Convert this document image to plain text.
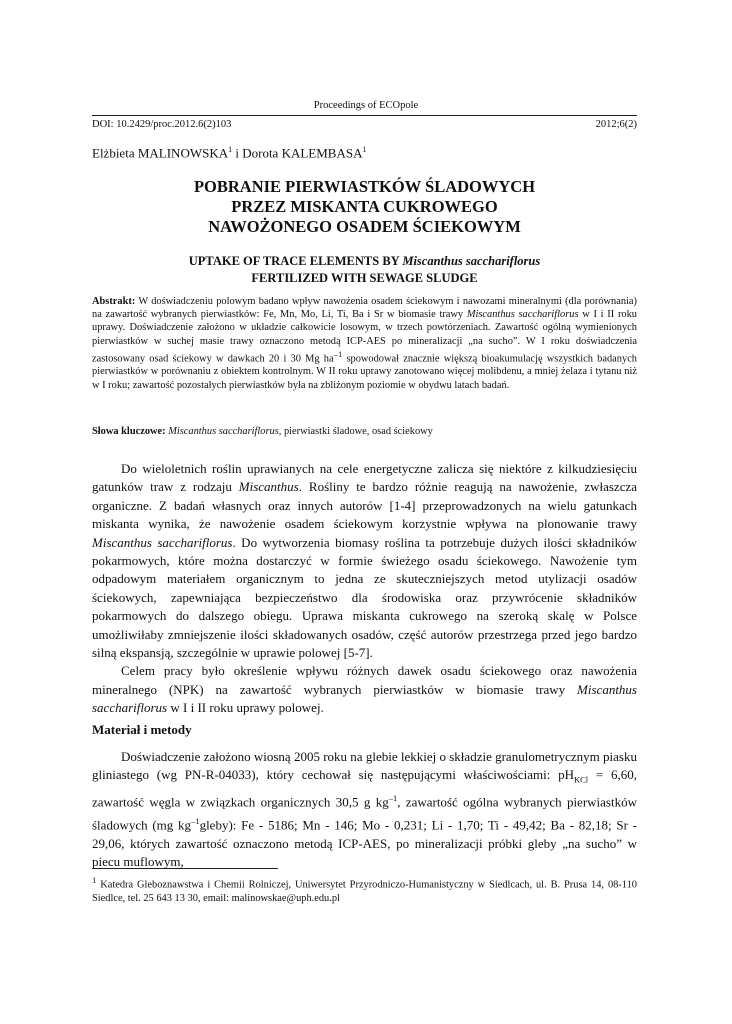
Proceedings of ECOpole
DOI: 10.2429/proc.2012.6(2)103	2012;6(2)
Elżbieta MALINOWSKA$^1$ i Dorota KALEMBASA$^1$
POBRANIE PIERWIASTKÓW ŚLADOWYCH
PRZEZ MISKANTA CUKROWEGO
NAWOŻONEGO OSADEM ŚCIEKOWYM
UPTAKE OF TRACE ELEMENTS BY Miscanthus sacchariflorus
FERTILIZED WITH SEWAGE SLUDGE
Abstrakt: W doświadczeniu polowym badano wpływ nawożenia osadem ściekowym i nawozami mineralnymi (dla porównania) na zawartość wybranych pierwiastków: Fe, Mn, Mo, Li, Ti, Ba i Sr w biomasie trawy Miscanthus sacchariflorus w I i II roku uprawy. Doświadczenie założono w układzie całkowicie losowym, w trzech powtórzeniach. Zawartość ogólną wymienionych pierwiastków w suchej masie trawy oznaczono metodą ICP-AES po mineralizacji „na sucho”. W I roku doświadczenia zastosowany osad ściekowy w dawkach 20 i 30 Mg $ha^{-1}$ spowodował znacznie większą bioakumulację wszystkich badanych pierwiastków w porównaniu z obiektem kontrolnym. W II roku uprawy zanotowano więcej molibdenu, a mniej żelaza i tytanu niż w I roku; zawartość pozostałych pierwiastków była na zbliżonym poziomie w obydwu latach badań.
Słowa kluczowe: Miscanthus sacchariflorus, pierwiastki śladowe, osad ściekowy

Do wieloletnich roślin uprawianych na cele energetyczne zalicza się niektóre z kilkudziesięciu gatunków traw z rodzaju Miscanthus. Rośliny te bardzo różnie reagują na nawożenie, zwłaszcza organiczne. Z badań własnych oraz innych autorów [1-4] przeprowadzonych na wielu gatunkach miskanta wynika, że nawożenie osadem ściekowym korzystnie wpływa na plonowanie trawy Miscanthus sacchariflorus. Do wytworzenia biomasy roślina ta potrzebuje dużych ilości składników pokarmowych, które można dostarczyć w formie świeżego osadu ściekowego. Nawożenie tym odpadowym materiałem organicznym to jedna ze skuteczniejszych metod utylizacji osadów ściekowych, zapewniająca bezpieczeństwo dla środowiska oraz przywrócenie składników pokarmowych do dalszego obiegu. Uprawa miskanta cukrowego na szeroką skalę w Polsce umożliwiłaby zmniejszenie ilości składowanych osadów, część autorów przestrzega przed jego bardzo silną ekspansją, szczególnie w uprawie polowej [5-7].

Celem pracy było określenie wpływu różnych dawek osadu ściekowego oraz nawożenia mineralnego (NPK) na zawartość wybranych pierwiastków w biomasie trawy Miscanthus sacchariflorus w I i II roku uprawy polowej.

Materiał i metody

Doświadczenie założono wiosną 2005 roku na glebie lekkiej o składzie granulometrycznym piasku gliniastego (wg PN-R-04033), który cechował się następującymi właściwościami: $pH_{KCl} = 6,60$, zawartość węgla w związkach organicznych 30,5 g $kg^{-1}$, zawartość ogólna wybranych pierwiastków śladowych (mg $kg^{-1}gleby$): Fe - 5186; Mn - 146; Mo - 0,231; Li - 1,70; Ti - 49,42; Ba - 82,18; Sr - 29,06, których zawartość oznaczono metodą ICP-AES, po mineralizacji próbki gleby „na sucho” w piecu muflowym,

$^1$ Katedra Gleboznawstwa i Chemii Rolniczej, Uniwersytet Przyrodniczo-Humanistyczny w Siedlcach, ul. B. Prusa 14, 08-110 Siedlce, tel. 25 643 13 30, email: malinowskae@uph.edu.pl
